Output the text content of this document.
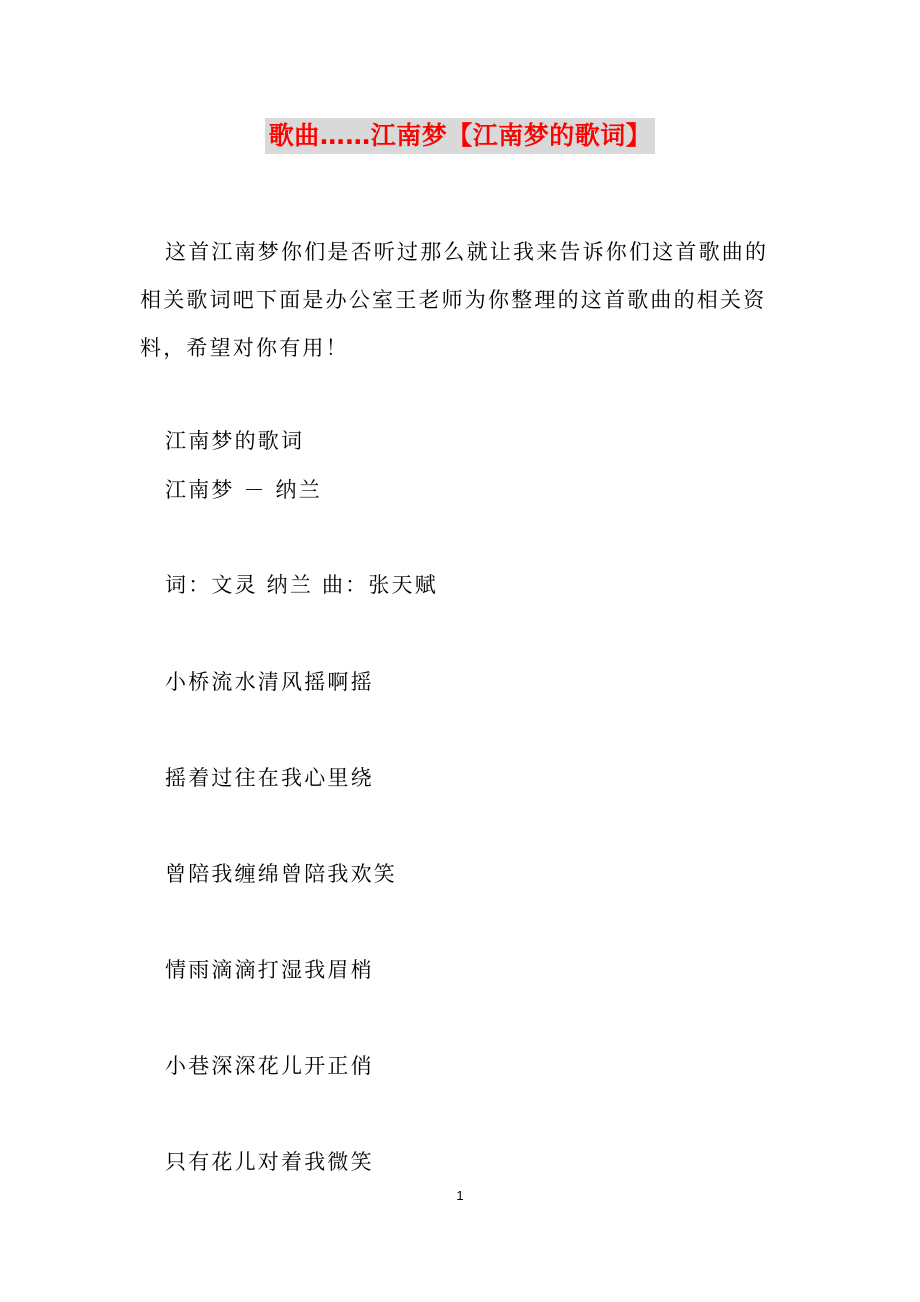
歌曲……江南梦【江南梦的歌词】

这首江南梦你们是否听过那么就让我来告诉你们这首歌曲的相关歌词吧下面是办公室王老师为你整理的这首歌曲的相关资料，希望对你有用！

江南梦的歌词

江南梦 － 纳兰

词：文灵 纳兰 曲：张天赋

小桥流水清风摇啊摇

摇着过往在我心里绕

曾陪我缠绵曾陪我欢笑

情雨滴滴打湿我眉梢

小巷深深花儿开正俏

只有花儿对着我微笑

1
